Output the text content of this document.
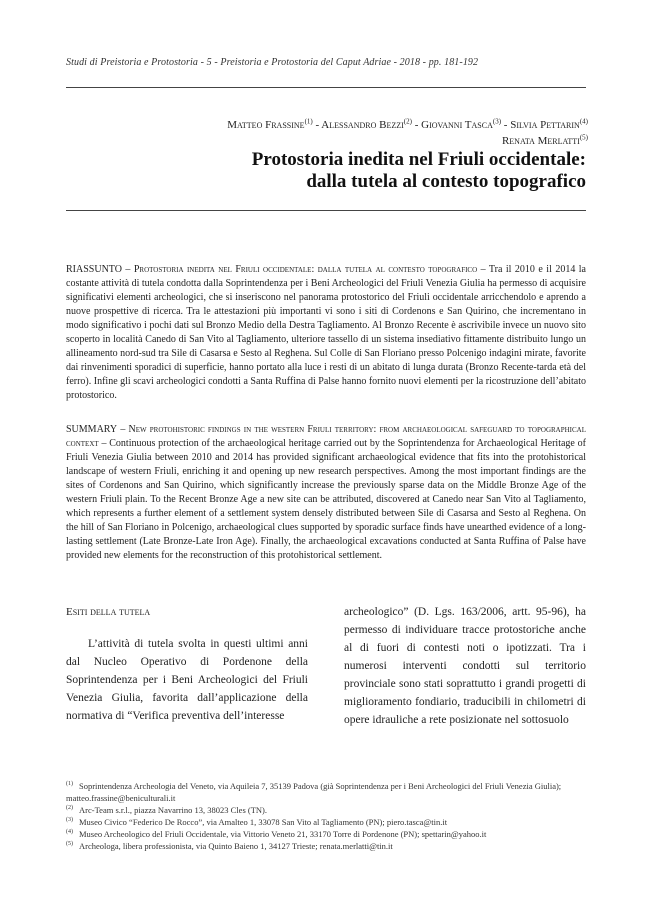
Studi di Preistoria e Protostoria - 5 - Preistoria e Protostoria del Caput Adriae - 2018 - pp. 181-192
Matteo Frassine$^{(1)}$ - Alessandro Bezzi$^{(2)}$ - Giovanni Tasca$^{(3)}$ - Silvia Pettarin$^{(4)}$
Renata Merlatti$^{(5)}$
Protostoria inedita nel Friuli occidentale:
dalla tutela al contesto topografico
RIASSUNTO – Protostoria inedita nel Friuli occidentale: dalla tutela al contesto topografico – Tra il 2010 e il 2014 la costante attività di tutela condotta dalla Soprintendenza per i Beni Archeologici del Friuli Venezia Giulia ha permesso di acquisire significativi elementi archeologici, che si inseriscono nel panorama protostorico del Friuli occidentale arricchendolo e aprendo a nuove prospettive di ricerca. Tra le attestazioni più importanti vi sono i siti di Cordenons e San Quirino, che incrementano in modo significativo i pochi dati sul Bronzo Medio della Destra Tagliamento. Al Bronzo Recente è ascrivibile invece un nuovo sito scoperto in località Canedo di San Vito al Tagliamento, ulteriore tassello di un sistema insediativo fittamente distribuito lungo un allineamento nord-sud tra Sile di Casarsa e Sesto al Reghena. Sul Colle di San Floriano presso Polcenigo indagini mirate, favorite dai rinvenimenti sporadici di superficie, hanno portato alla luce i resti di un abitato di lunga durata (Bronzo Recente-tarda età del ferro). Infine gli scavi archeologici condotti a Santa Ruffina di Palse hanno fornito nuovi elementi per la ricostruzione dell’abitato protostorico.
SUMMARY – New protohistoric findings in the western Friuli territory: from archaeological safeguard to topographical context – Continuous protection of the archaeological heritage carried out by the Soprintendenza for Archaeological Heritage of Friuli Venezia Giulia between 2010 and 2014 has provided significant archaeological evidence that fits into the protohistorical landscape of western Friuli, enriching it and opening up new research perspectives. Among the most important findings are the sites of Cordenons and San Quirino, which significantly increase the previously sparse data on the Middle Bronze Age of the western Friuli plain. To the Recent Bronze Age a new site can be attributed, discovered at Canedo near San Vito al Tagliamento, which represents a further element of a settlement system densely distributed between Sile di Casarsa and Sesto al Reghena. On the hill of San Floriano in Polcenigo, archaeological clues supported by sporadic surface finds have unearthed evidence of a long-lasting settlement (Late Bronze-Late Iron Age). Finally, the archaeological excavations conducted at Santa Ruffina of Palse have provided new elements for the reconstruction of this protohistorical settlement.

Esiti della tutela

L’attività di tutela svolta in questi ultimi anni dal Nucleo Operativo di Pordenone della Soprintendenza per i Beni Archeologici del Friuli Venezia Giulia, favorita dall’applicazione della normativa di “Verifica preventiva dell’interesse

archeologico” (D. Lgs. 163/2006, artt. 95-96), ha permesso di individuare tracce protostoriche anche al di fuori di contesti noti o ipotizzati. Tra i numerosi interventi condotti sul territorio provinciale sono stati soprattutto i grandi progetti di miglioramento fondiario, traducibili in chilometri di opere idrauliche a rete posizionate nel sottosuolo

$^{(1)}$ Soprintendenza Archeologia del Veneto, via Aquileia 7, 35139 Padova (già Soprintendenza per i Beni Archeologici del Friuli Venezia Giulia); matteo.frassine@beniculturali.it

$^{(2)}$ Arc-Team s.r.l., piazza Navarrino 13, 38023 Cles (TN).

$^{(3)}$ Museo Civico “Federico De Rocco”, via Amalteo 1, 33078 San Vito al Tagliamento (PN); piero.tasca@tin.it

$^{(4)}$ Museo Archeologico del Friuli Occidentale, via Vittorio Veneto 21, 33170 Torre di Pordenone (PN); spettarin@yahoo.it

$^{(5)}$ Archeologa, libera professionista, via Quinto Baieno 1, 34127 Trieste; renata.merlatti@tin.it
